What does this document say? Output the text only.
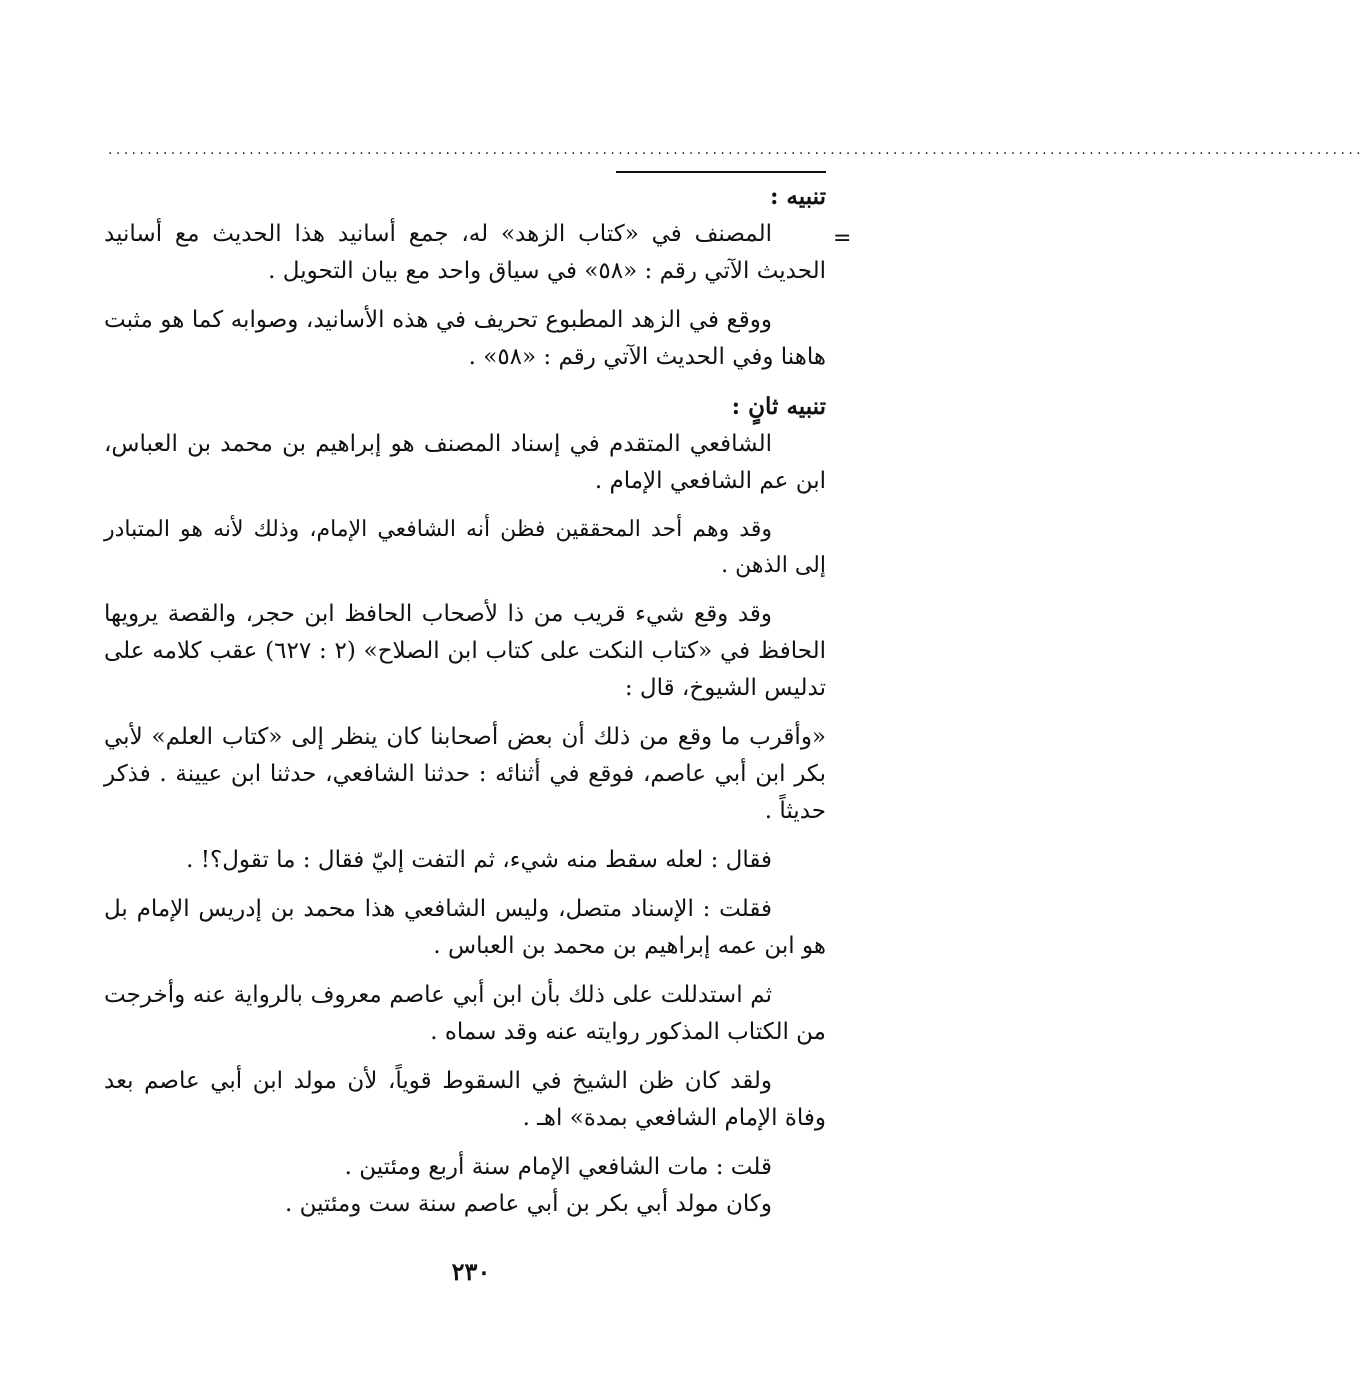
................................................................................................................................................................
=

تنبيه :

المصنف في «كتاب الزهد» له، جمع أسانيد هذا الحديث مع أسانيد الحديث الآتي رقم : «٥٨» في سياق واحد مع بيان التحويل .

ووقع في الزهد المطبوع تحريف في هذه الأسانيد، وصوابه كما هو مثبت هاهنا وفي الحديث الآتي رقم : «٥٨» .

تنبيه ثانٍ :

الشافعي المتقدم في إسناد المصنف هو إبراهيم بن محمد بن العباس، ابن عم الشافعي الإمام .

وقد وهم أحد المحققين فظن أنه الشافعي الإمام، وذلك لأنه هو المتبادر إلى الذهن .

وقد وقع شيء قريب من ذا لأصحاب الحافظ ابن حجر، والقصة يرويها الحافظ في «كتاب النكت على كتاب ابن الصلاح» (٢ : ٦٢٧) عقب كلامه على تدليس الشيوخ، قال :

«وأقرب ما وقع من ذلك أن بعض أصحابنا كان ينظر إلى «كتاب العلم» لأبي بكر ابن أبي عاصم، فوقع في أثنائه : حدثنا الشافعي، حدثنا ابن عيينة . فذكر حديثاً .

فقال : لعله سقط منه شيء، ثم التفت إليّ فقال : ما تقول؟! .

فقلت : الإسناد متصل، وليس الشافعي هذا محمد بن إدريس الإمام بل هو ابن عمه إبراهيم بن محمد بن العباس .

ثم استدللت على ذلك بأن ابن أبي عاصم معروف بالرواية عنه وأخرجت من الكتاب المذكور روايته عنه وقد سماه .

ولقد كان ظن الشيخ في السقوط قوياً، لأن مولد ابن أبي عاصم بعد وفاة الإمام الشافعي بمدة» اهـ .

قلت : مات الشافعي الإمام سنة أربع ومئتين .
وكان مولد أبي بكر بن أبي عاصم سنة ست ومئتين .
٢٣٠
